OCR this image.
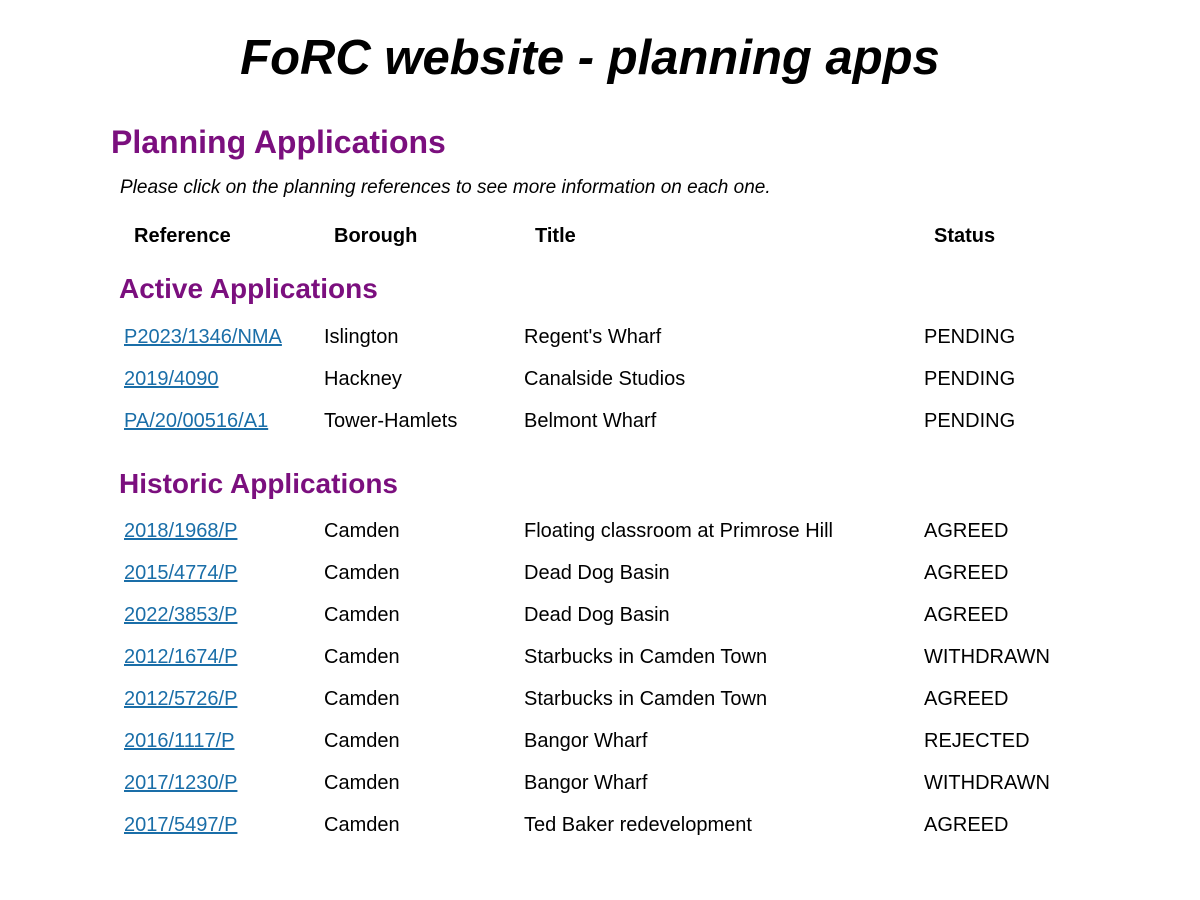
FoRC website - planning apps
Planning Applications

Please click on the planning references to see more information on each one.

Reference	Borough	Title	Status
Active Applications
P2023/1346/NMA Islington	Regent's Wharf	PENDING
2019/4090	Hackney	Canalside Studios	PENDING
PA/20/00516/A1	Tower-Hamlets	Belmont Wharf	PENDING
Historic Applications
2018/1968/P	Camden	Floating classroom at Primrose Hill	AGREED
2015/4774/P	Camden	Dead Dog Basin	AGREED
2022/3853/P	Camden	Dead Dog Basin	AGREED
2012/1674/P	Camden	Starbucks in Camden Town	WITHDRAWN
2012/5726/P	Camden	Starbucks in Camden Town	AGREED
2016/1117/P	Camden	Bangor Wharf	REJECTED
2017/1230/P	Camden	Bangor Wharf	WITHDRAWN
2017/5497/P	Camden	Ted Baker redevelopment	AGREED
